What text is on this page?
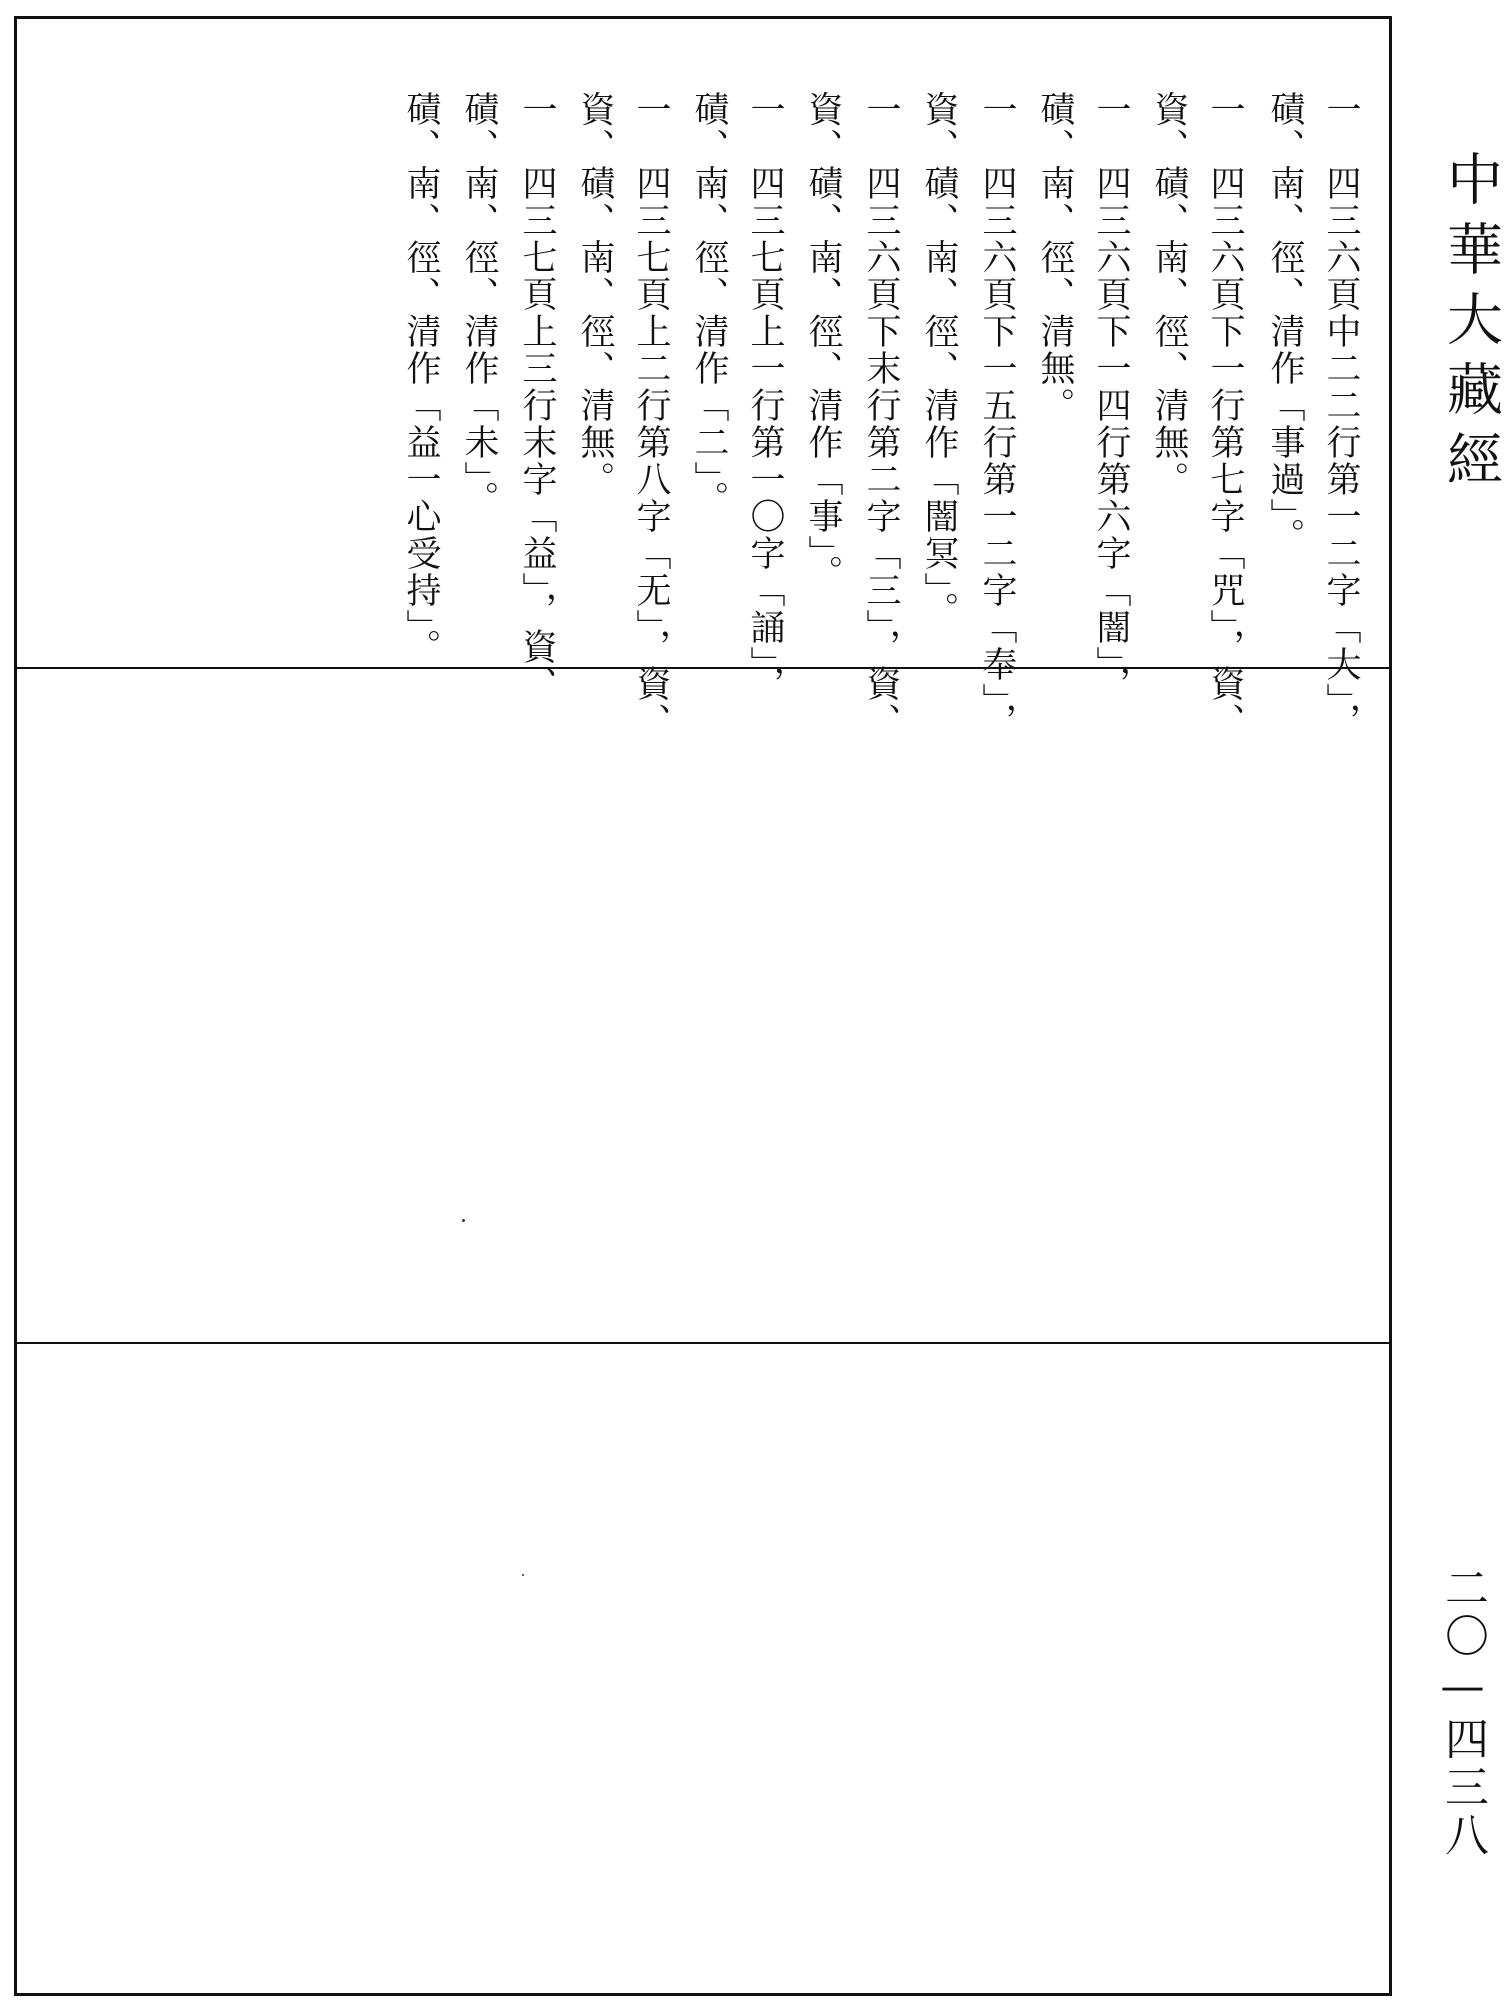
一　四三六頁中二二行第一二字「大」，
磧、南、徑、清作「事過」。
一　四三六頁下一行第七字「咒」，資、
資、磧、南、徑、清無。
一　四三六頁下一四行第六字「闇」，
磧、南、徑、清無。
一　四三六頁下一五行第一二字「奉」，
資、磧、南、徑、清作「闇冥」。
一　四三六頁下末行第二字「三」，資、
資、磧、南、徑、清作「事」。
一　四三七頁上一行第一〇字「誦」，
磧、南、徑、清作「二」。
一　四三七頁上二行第八字「无」，資、
資、磧、南、徑、清無。
一　四三七頁上三行末字「益」，資、
磧、南、徑、清作「未」。
磧、南、徑、清作「益一心受持」。	中華大藏經
二〇—四三八
